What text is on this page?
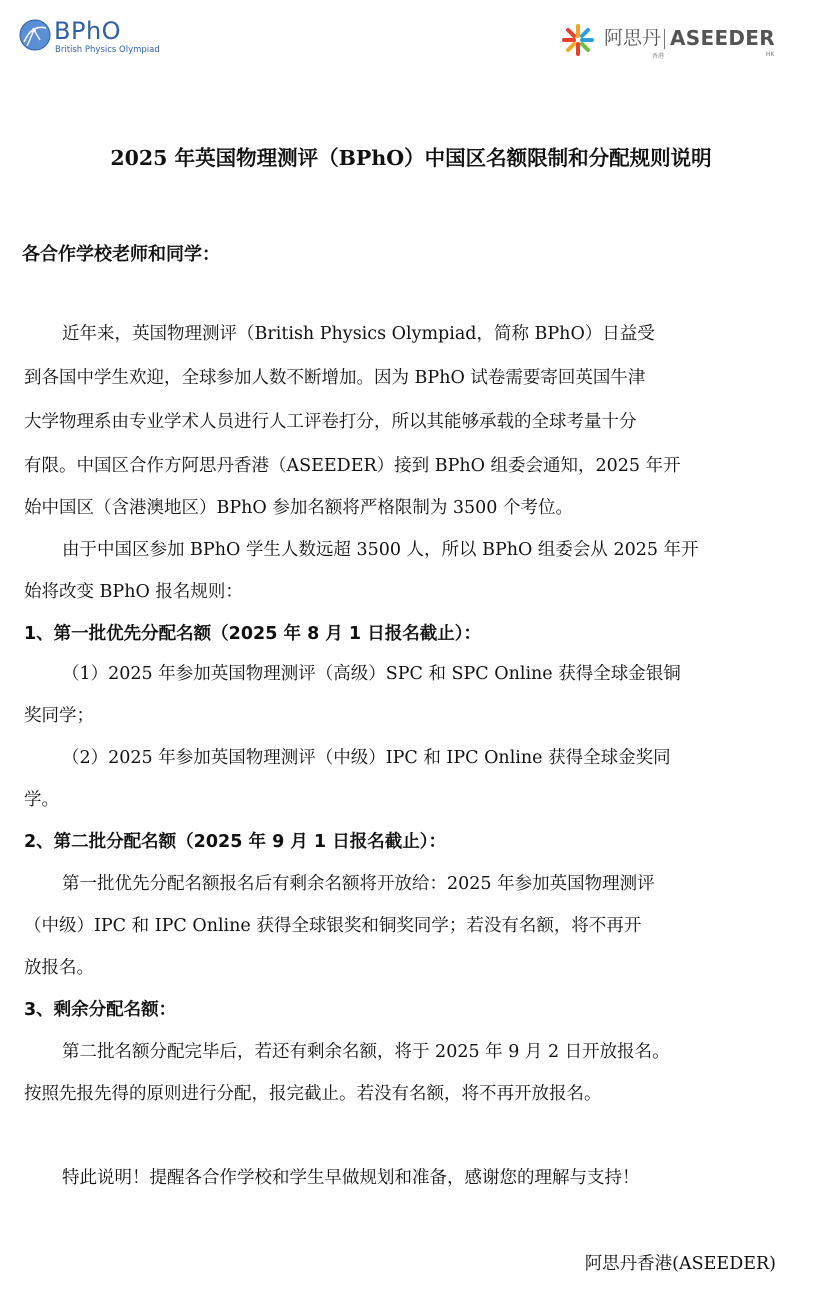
BPhO
British Physics Olympiad
阿思丹
香港
ASEEDER
HK
2025 年英国物理测评（BPhO）中国区名额限制和分配规则说明
各合作学校老师和同学：
近年来，英国物理测评（British Physics Olympiad，简称 BPhO）日益受
到各国中学生欢迎，全球参加人数不断增加。因为 BPhO 试卷需要寄回英国牛津
大学物理系由专业学术人员进行人工评卷打分，所以其能够承载的全球考量十分
有限。中国区合作方阿思丹香港（ASEEDER）接到 BPhO 组委会通知，2025 年开
始中国区（含港澳地区）BPhO 参加名额将严格限制为 3500 个考位。
由于中国区参加 BPhO 学生人数远超 3500 人，所以 BPhO 组委会从 2025 年开
始将改变 BPhO 报名规则：
1、第一批优先分配名额（2025 年 8 月 1 日报名截止）：
（1）2025 年参加英国物理测评（高级）SPC 和 SPC Online 获得全球金银铜
奖同学；
（2）2025 年参加英国物理测评（中级）IPC 和 IPC Online 获得全球金奖同
学。
2、第二批分配名额（2025 年 9 月 1 日报名截止）：
第一批优先分配名额报名后有剩余名额将开放给：2025 年参加英国物理测评
（中级）IPC 和 IPC Online 获得全球银奖和铜奖同学；若没有名额，将不再开
放报名。
3、剩余分配名额：
第二批名额分配完毕后，若还有剩余名额，将于 2025 年 9 月 2 日开放报名。
按照先报先得的原则进行分配，报完截止。若没有名额，将不再开放报名。
特此说明！提醒各合作学校和学生早做规划和准备，感谢您的理解与支持！
阿思丹香港(ASEEDER)
